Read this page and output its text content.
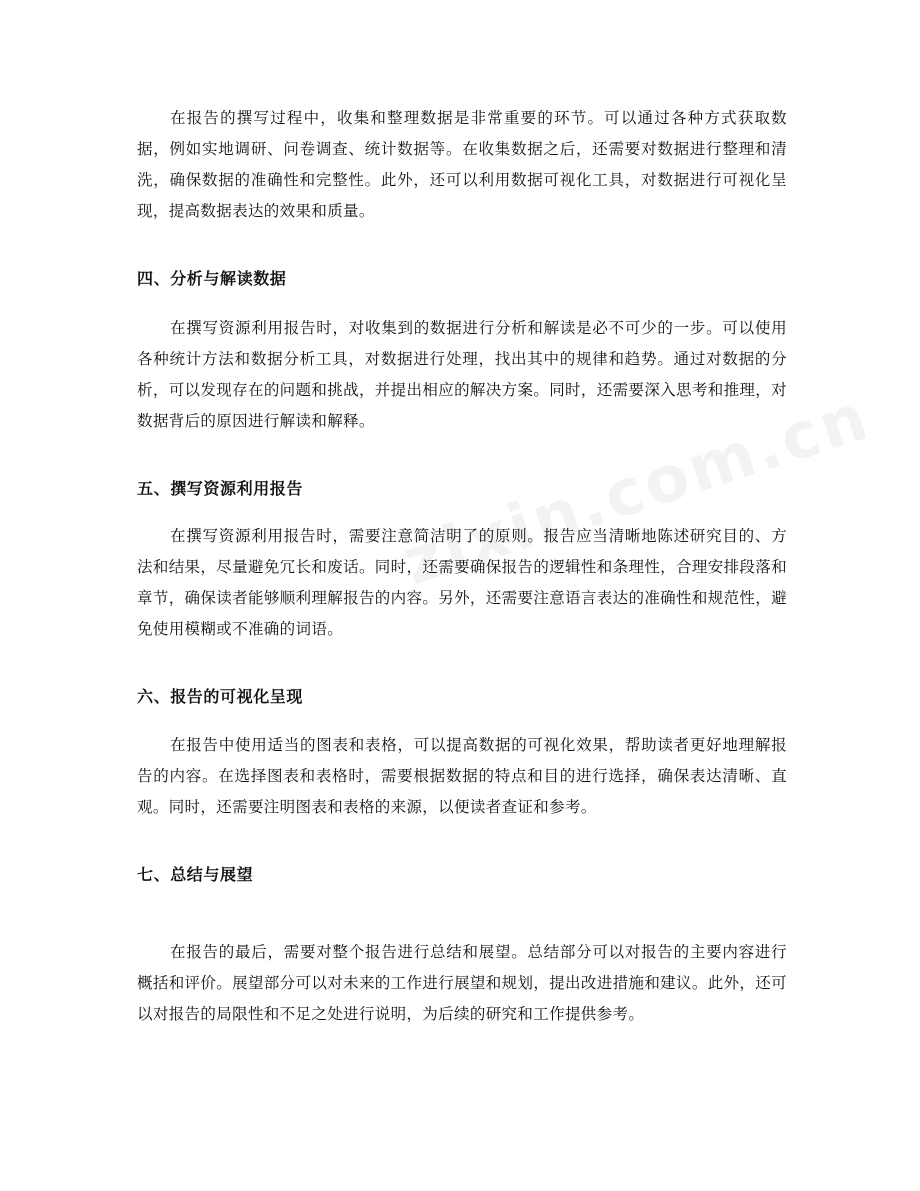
在报告的撰写过程中，收集和整理数据是非常重要的环节。可以通过各种方式获取数据，例如实地调研、问卷调查、统计数据等。在收集数据之后，还需要对数据进行整理和清洗，确保数据的准确性和完整性。此外，还可以利用数据可视化工具，对数据进行可视化呈现，提高数据表达的效果和质量。

四、分析与解读数据

在撰写资源利用报告时，对收集到的数据进行分析和解读是必不可少的一步。可以使用各种统计方法和数据分析工具，对数据进行处理，找出其中的规律和趋势。通过对数据的分析，可以发现存在的问题和挑战，并提出相应的解决方案。同时，还需要深入思考和推理，对数据背后的原因进行解读和解释。

五、撰写资源利用报告

在撰写资源利用报告时，需要注意简洁明了的原则。报告应当清晰地陈述研究目的、方法和结果，尽量避免冗长和废话。同时，还需要确保报告的逻辑性和条理性，合理安排段落和章节，确保读者能够顺利理解报告的内容。另外，还需要注意语言表达的准确性和规范性，避免使用模糊或不准确的词语。

六、报告的可视化呈现

在报告中使用适当的图表和表格，可以提高数据的可视化效果，帮助读者更好地理解报告的内容。在选择图表和表格时，需要根据数据的特点和目的进行选择，确保表达清晰、直观。同时，还需要注明图表和表格的来源，以便读者查证和参考。

七、总结与展望

在报告的最后，需要对整个报告进行总结和展望。总结部分可以对报告的主要内容进行概括和评价。展望部分可以对未来的工作进行展望和规划，提出改进措施和建议。此外，还可以对报告的局限性和不足之处进行说明，为后续的研究和工作提供参考。
